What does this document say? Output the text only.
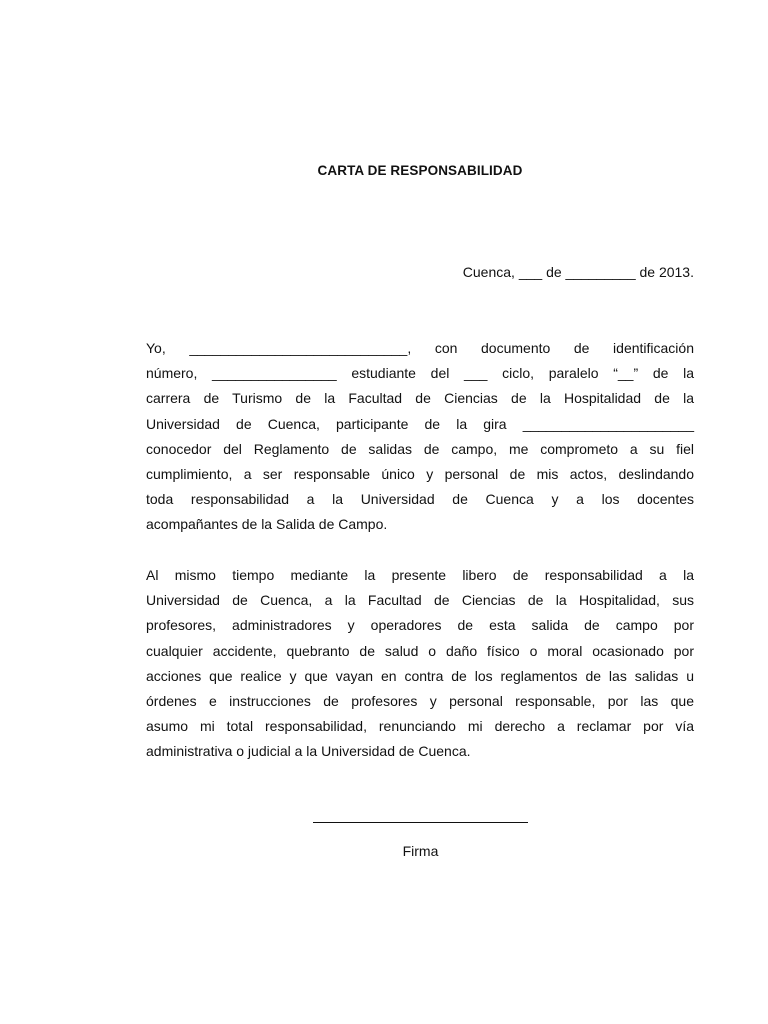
CARTA DE RESPONSABILIDAD
Cuenca, ___ de _________ de 2013.
Yo, ____________________________, con documento de identificación
número, ________________ estudiante del ___ ciclo, paralelo “__” de la
carrera de Turismo de la Facultad de Ciencias de la Hospitalidad de la
Universidad de Cuenca, participante de la gira ______________________
conocedor del Reglamento de salidas de campo, me comprometo a su fiel
cumplimiento, a ser responsable único y personal de mis actos, deslindando
toda responsabilidad a la Universidad de Cuenca y a los docentes
acompañantes de la Salida de Campo.
Al mismo tiempo mediante la presente libero de responsabilidad a la
Universidad de Cuenca, a la Facultad de Ciencias de la Hospitalidad, sus
profesores, administradores y operadores de esta salida de campo por
cualquier accidente, quebranto de salud o daño físico o moral ocasionado por
acciones que realice y que vayan en contra de los reglamentos de las salidas u
órdenes e instrucciones de profesores y personal responsable, por las que
asumo mi total responsabilidad, renunciando mi derecho a reclamar por vía
administrativa o judicial a la Universidad de Cuenca.
Firma
